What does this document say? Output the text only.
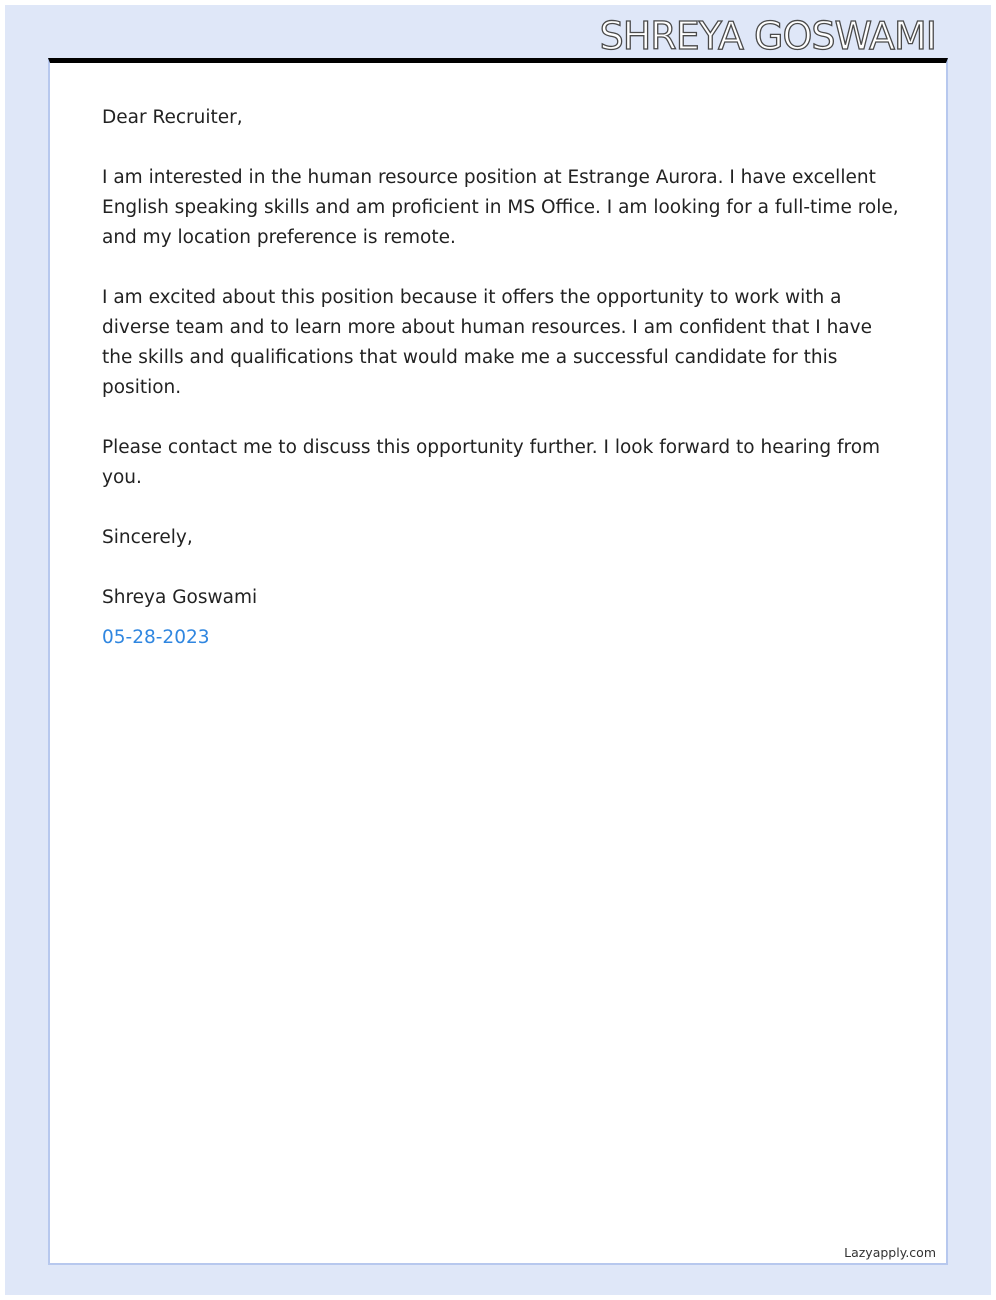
SHREYA GOSWAMI

Dear Recruiter,

I am interested in the human resource position at Estrange Aurora. I have excellent English speaking skills and am proficient in MS Office. I am looking for a full-time role, and my location preference is remote.

I am excited about this position because it offers the opportunity to work with a diverse team and to learn more about human resources. I am confident that I have the skills and qualifications that would make me a successful candidate for this position.

Please contact me to discuss this opportunity further. I look forward to hearing from you.

Sincerely,

Shreya Goswami

05-28-2023

Lazyapply.com
